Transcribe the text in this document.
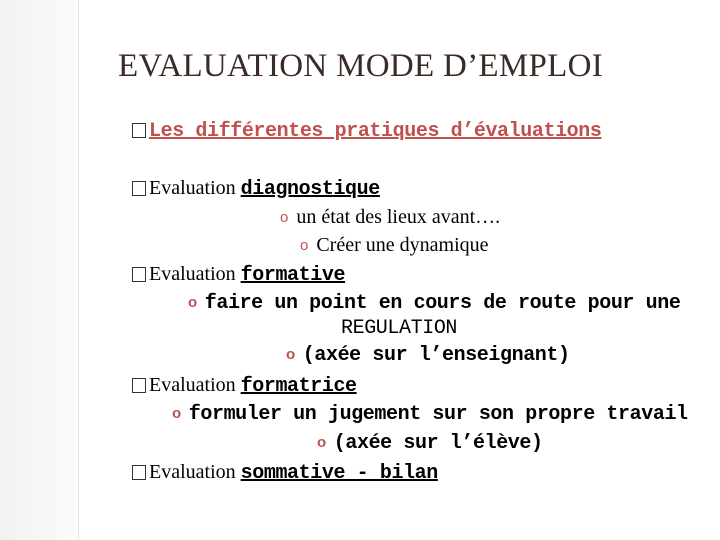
EVALUATION MODE D’EMPLOI
Les différentes pratiques d’évaluations
Evaluation diagnostique
o un état des lieux avant….
o Créer une dynamique
Evaluation formative
o faire un point en cours de route pour une
REGULATION
o (axée sur l’enseignant)
Evaluation formatrice
o formuler un jugement sur son propre travail
o (axée sur l’élève)
Evaluation sommative - bilan
